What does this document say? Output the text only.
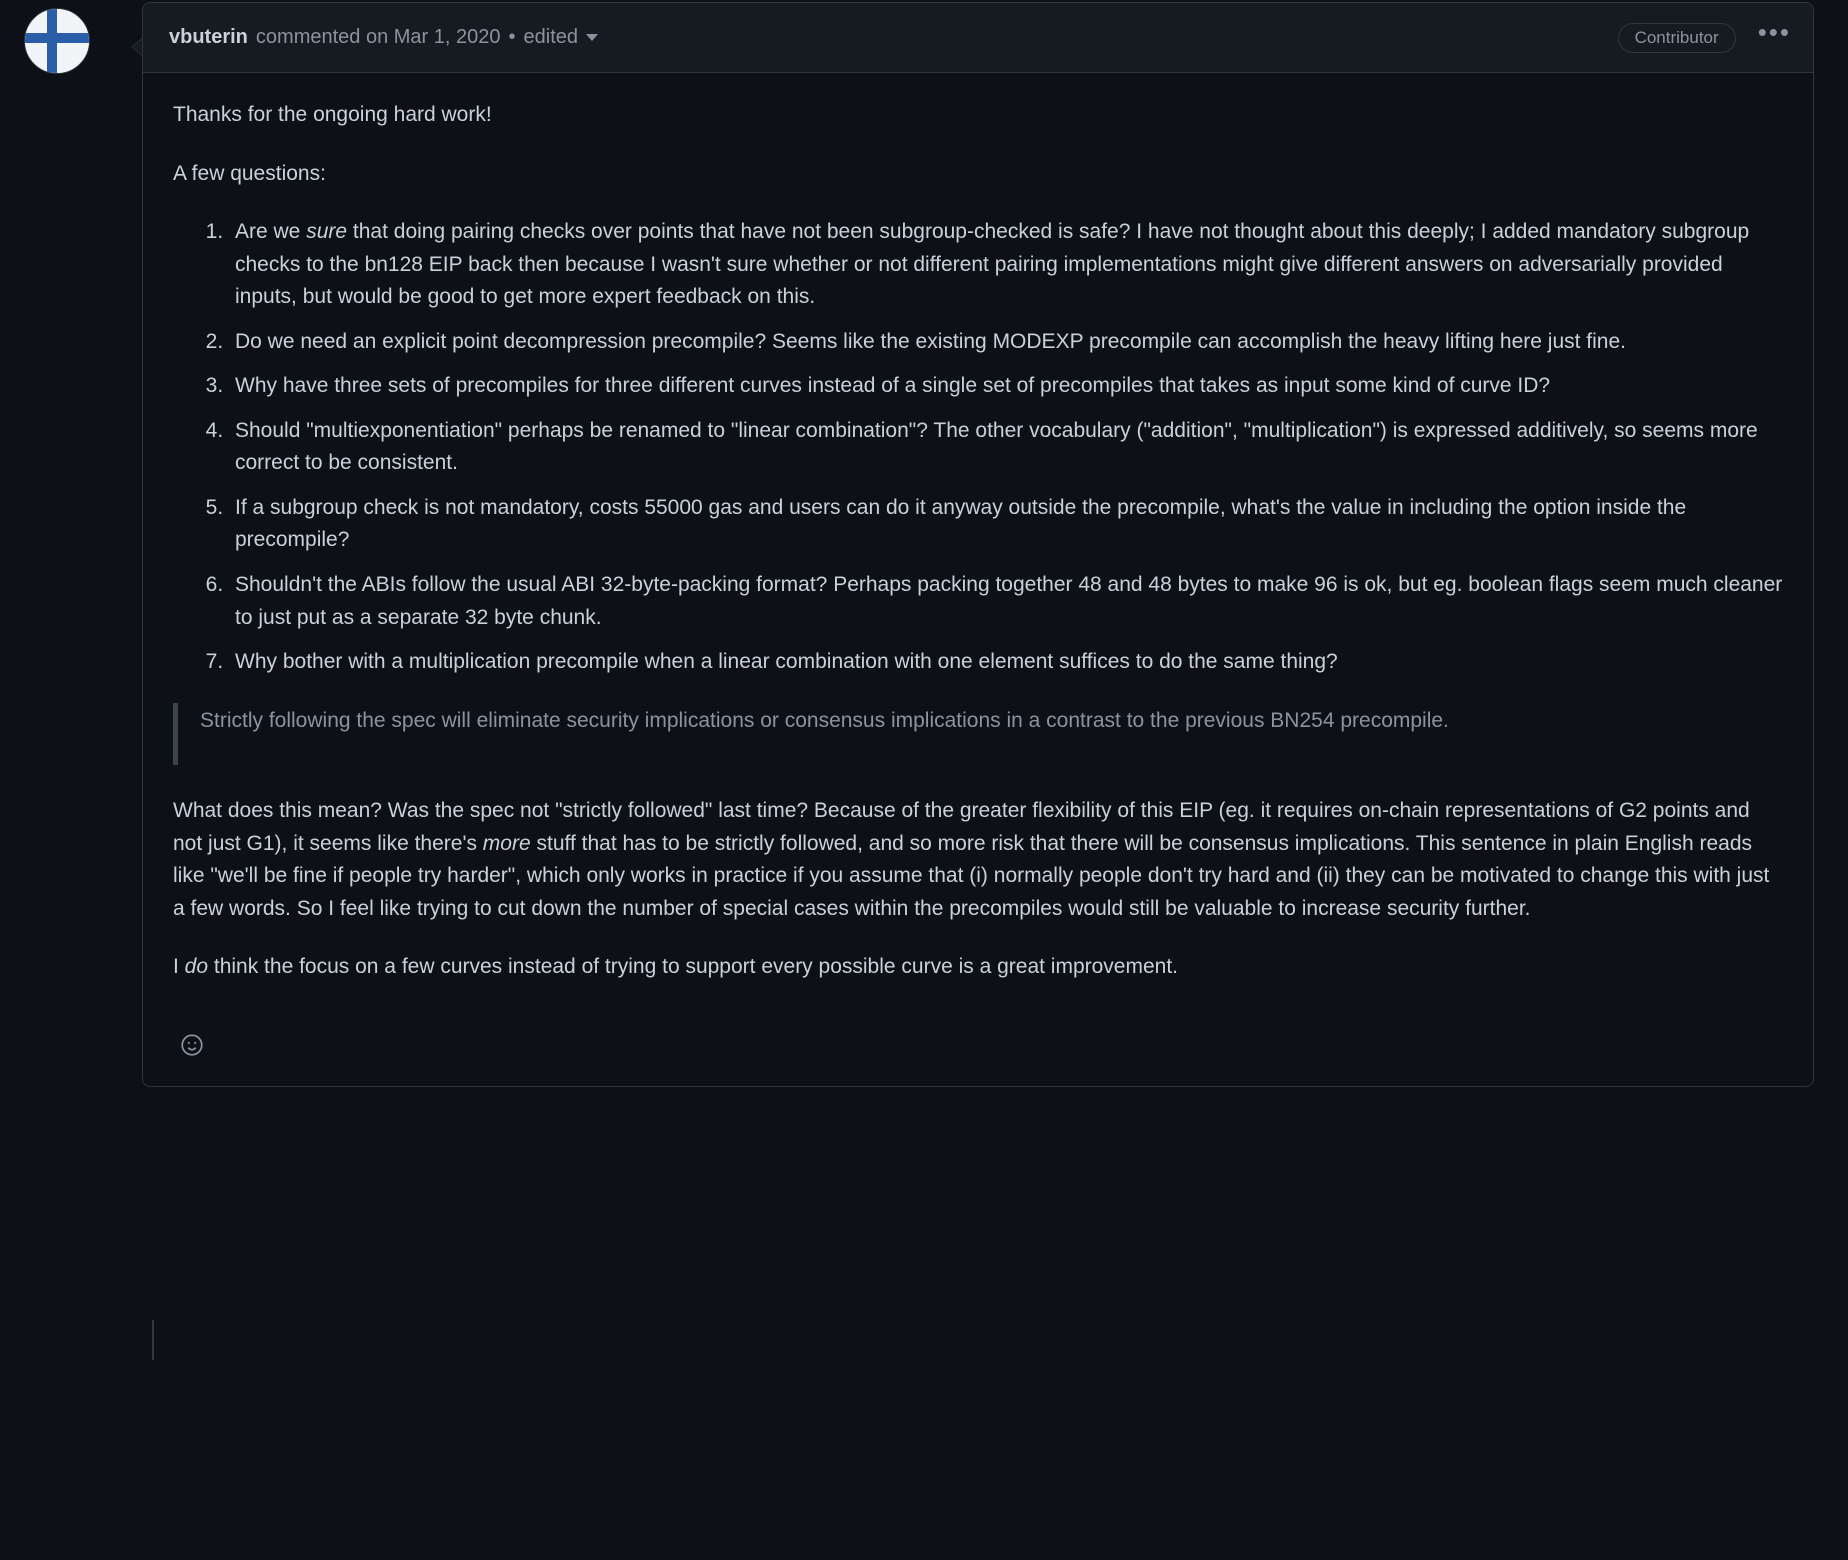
vbuterin commented on Mar 1, 2020 • edited	Contributor	•••

Thanks for the ongoing hard work!

A few questions:

1. Are we sure that doing pairing checks over points that have not been subgroup-checked is safe? I have not thought about this deeply; I added mandatory subgroup checks to the bn128 EIP back then because I wasn't sure whether or not different pairing implementations might give different answers on adversarially provided inputs, but would be good to get more expert feedback on this.
2. Do we need an explicit point decompression precompile? Seems like the existing MODEXP precompile can accomplish the heavy lifting here just fine.
3. Why have three sets of precompiles for three different curves instead of a single set of precompiles that takes as input some kind of curve ID?
4. Should "multiexponentiation" perhaps be renamed to "linear combination"? The other vocabulary ("addition", "multiplication") is expressed additively, so seems more correct to be consistent.
5. If a subgroup check is not mandatory, costs 55000 gas and users can do it anyway outside the precompile, what's the value in including the option inside the precompile?
6. Shouldn't the ABIs follow the usual ABI 32-byte-packing format? Perhaps packing together 48 and 48 bytes to make 96 is ok, but eg. boolean flags seem much cleaner to just put as a separate 32 byte chunk.
7. Why bother with a multiplication precompile when a linear combination with one element suffices to do the same thing?

Strictly following the spec will eliminate security implications or consensus implications in a contrast to the previous BN254 precompile.

What does this mean? Was the spec not "strictly followed" last time? Because of the greater flexibility of this EIP (eg. it requires on-chain representations of G2 points and not just G1), it seems like there's more stuff that has to be strictly followed, and so more risk that there will be consensus implications. This sentence in plain English reads like "we'll be fine if people try harder", which only works in practice if you assume that (i) normally people don't try hard and (ii) they can be motivated to change this with just a few words. So I feel like trying to cut down the number of special cases within the precompiles would still be valuable to increase security further.

I do think the focus on a few curves instead of trying to support every possible curve is a great improvement.
